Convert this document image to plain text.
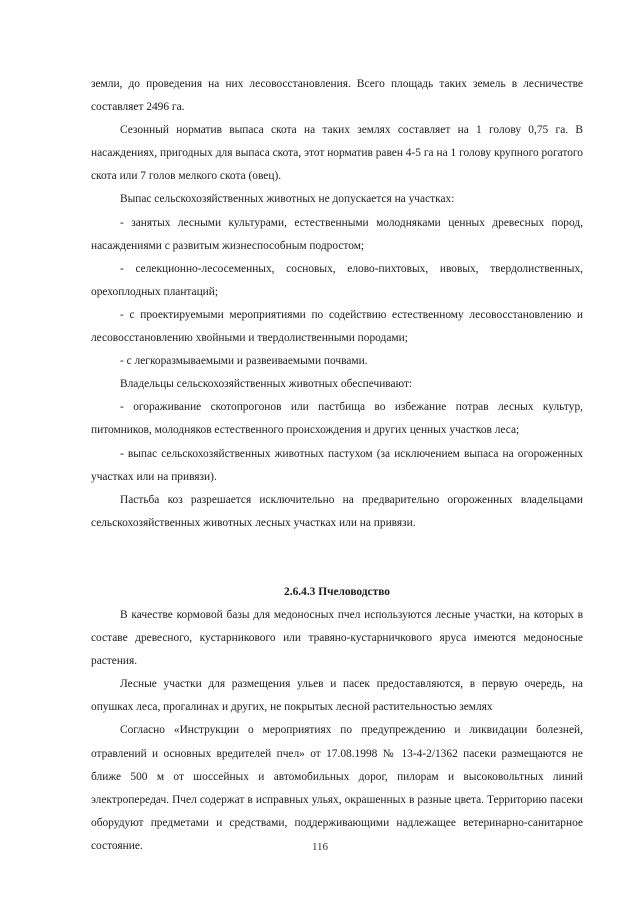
земли, до проведения на них лесовосстановления. Всего площадь таких земель в лесничестве составляет 2496 га.

Сезонный норматив выпаса скота на таких землях составляет на 1 голову 0,75 га. В насаждениях, пригодных для выпаса скота, этот норматив равен 4-5 га на 1 голову крупного рогатого скота или 7 голов мелкого скота (овец).

Выпас сельскохозяйственных животных не допускается на участках:

- занятых лесными культурами, естественными молодняками ценных древесных пород, насаждениями с развитым жизнеспособным подростом;

- селекционно-лесосеменных, сосновых, елово-пихтовых, ивовых, твердолиственных, орехоплодных плантаций;

- с проектируемыми мероприятиями по содействию естественному лесовосстановлению и лесовосстановлению хвойными и твердолиственными породами;

- с легкоразмываемыми и развеиваемыми почвами.

Владельцы сельскохозяйственных животных обеспечивают:

- огораживание скотопрогонов или пастбища во избежание потрав лесных культур, питомников, молодняков естественного происхождения и других ценных участков леса;

- выпас сельскохозяйственных животных пастухом (за исключением выпаса на огороженных участках или на привязи).

Пастьба коз разрешается исключительно на предварительно огороженных владельцами сельскохозяйственных животных лесных участках или на привязи.

2.6.4.3 Пчеловодство

В качестве кормовой базы для медоносных пчел используются лесные участки, на которых в составе древесного, кустарникового или травяно-кустарничкового яруса имеются медоносные растения.

Лесные участки для размещения ульев и пасек предоставляются, в первую очередь, на опушках леса, прогалинах и других, не покрытых лесной растительностью землях

Согласно «Инструкции о мероприятиях по предупреждению и ликвидации болезней, отравлений и основных вредителей пчел» от 17.08.1998 № 13-4-2/1362 пасеки размещаются не ближе 500 м от шоссейных и автомобильных дорог, пилорам и высоковольтных линий электропередач. Пчел содержат в исправных ульях, окрашенных в разные цвета. Территорию пасеки оборудуют предметами и средствами, поддерживающими надлежащее ветеринарно-санитарное состояние.	116
